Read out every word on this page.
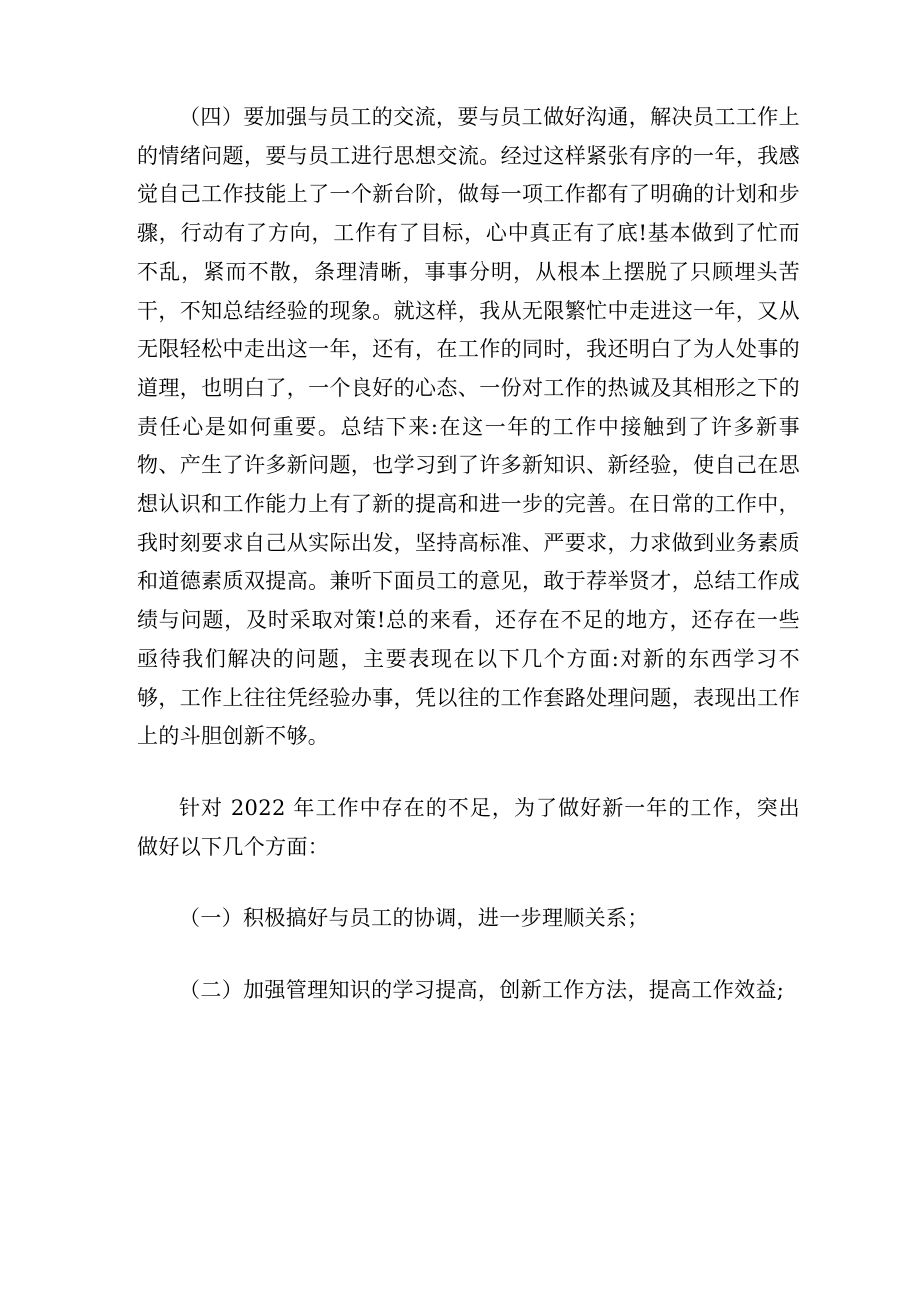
（四）要加强与员工的交流，要与员工做好沟通，解决员工工作上的情绪问题，要与员工进行思想交流。经过这样紧张有序的一年，我感觉自己工作技能上了一个新台阶，做每一项工作都有了明确的计划和步骤，行动有了方向，工作有了目标，心中真正有了底!基本做到了忙而不乱，紧而不散，条理清晰，事事分明，从根本上摆脱了只顾埋头苦干，不知总结经验的现象。就这样，我从无限繁忙中走进这一年，又从无限轻松中走出这一年，还有，在工作的同时，我还明白了为人处事的道理，也明白了，一个良好的心态、一份对工作的热诚及其相形之下的责任心是如何重要。总结下来:在这一年的工作中接触到了许多新事物、产生了许多新问题，也学习到了许多新知识、新经验，使自己在思想认识和工作能力上有了新的提高和进一步的完善。在日常的工作中，我时刻要求自己从实际出发，坚持高标准、严要求，力求做到业务素质和道德素质双提高。兼听下面员工的意见，敢于荐举贤才，总结工作成绩与问题，及时采取对策!总的来看，还存在不足的地方，还存在一些亟待我们解决的问题，主要表现在以下几个方面:对新的东西学习不够，工作上往往凭经验办事，凭以往的工作套路处理问题，表现出工作上的斗胆创新不够。

针对 2022 年工作中存在的不足，为了做好新一年的工作，突出做好以下几个方面：

（一）积极搞好与员工的协调，进一步理顺关系；

（二）加强管理知识的学习提高，创新工作方法，提高工作效益;
